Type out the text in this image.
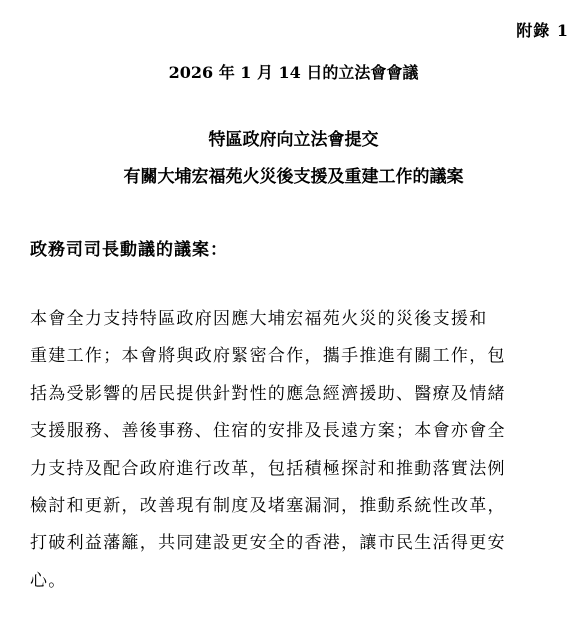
附錄 1
2026 年 1 月 14 日的立法會會議
特區政府向立法會提交
有關大埔宏福苑火災後支援及重建工作的議案
政務司司長動議的議案：
本會全力支持特區政府因應大埔宏福苑火災的災後支援和
重建工作；本會將與政府緊密合作，攜手推進有關工作，包
括為受影響的居民提供針對性的應急經濟援助、醫療及情緒
支援服務、善後事務、住宿的安排及長遠方案；本會亦會全
力支持及配合政府進行改革，包括積極探討和推動落實法例
檢討和更新，改善現有制度及堵塞漏洞，推動系統性改革，
打破利益藩籬，共同建設更安全的香港，讓市民生活得更安
心。
